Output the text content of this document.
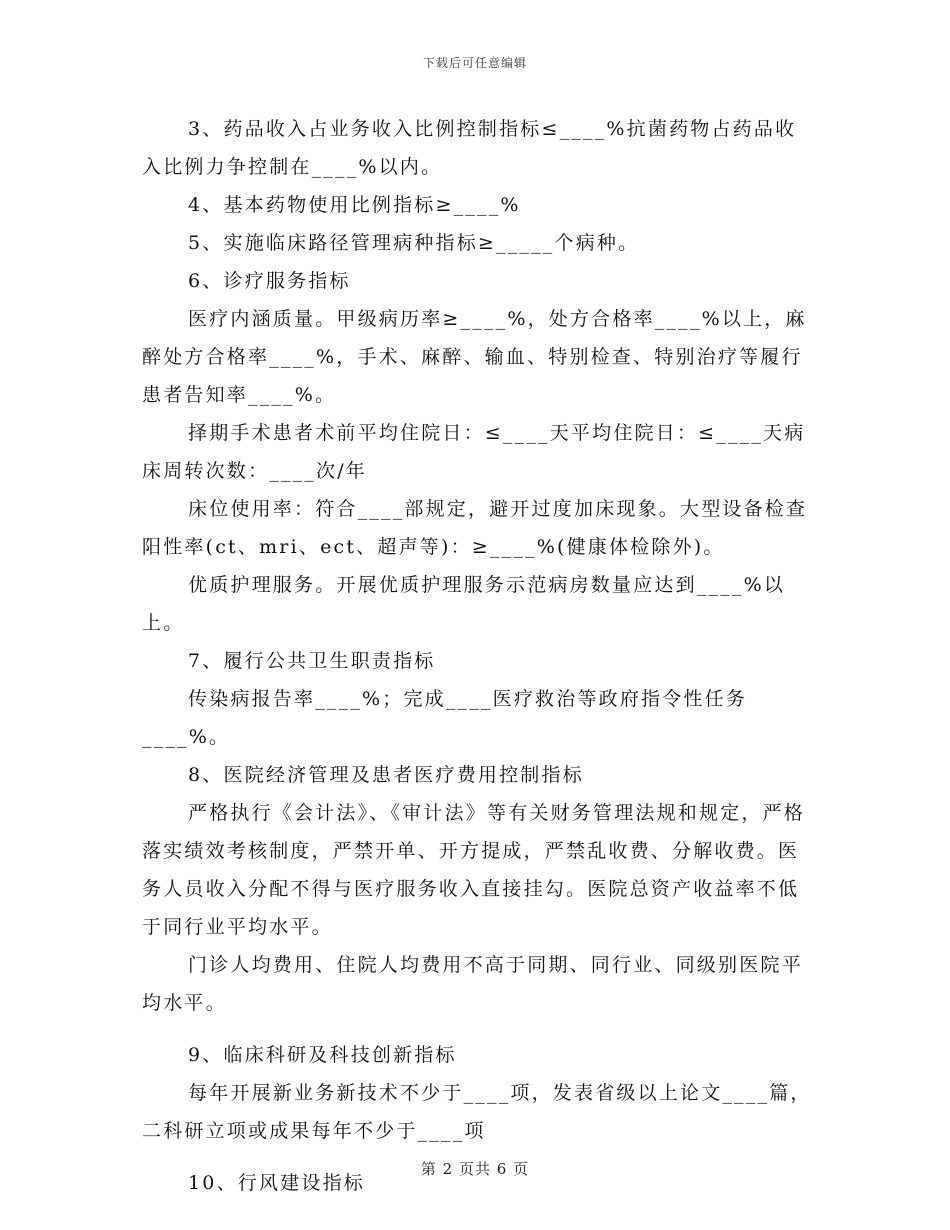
下载后可任意编辑

3、药品收入占业务收入比例控制指标≤____%抗菌药物占药品收入比例力争控制在____%以内。

4、基本药物使用比例指标≥____%

5、实施临床路径管理病种指标≥_____个病种。

6、诊疗服务指标

医疗内涵质量。甲级病历率≥____%，处方合格率____%以上，麻醉处方合格率____%，手术、麻醉、输血、特别检查、特别治疗等履行患者告知率____%。

择期手术患者术前平均住院日：≤____天平均住院日：≤____天病床周转次数：____次/年

床位使用率：符合____部规定，避开过度加床现象。大型设备检查阳性率(ct、mri、ect、超声等)：≥____%(健康体检除外)。

优质护理服务。开展优质护理服务示范病房数量应达到____%以上。

7、履行公共卫生职责指标

传染病报告率____%；完成____医疗救治等政府指令性任务____%。

8、医院经济管理及患者医疗费用控制指标

严格执行《会计法》、《审计法》等有关财务管理法规和规定，严格落实绩效考核制度，严禁开单、开方提成，严禁乱收费、分解收费。医务人员收入分配不得与医疗服务收入直接挂勾。医院总资产收益率不低于同行业平均水平。

门诊人均费用、住院人均费用不高于同期、同行业、同级别医院平均水平。

9、临床科研及科技创新指标

每年开展新业务新技术不少于____项，发表省级以上论文____篇，二科研立项或成果每年不少于____项

10、行风建设指标

第 2 页共 6 页
